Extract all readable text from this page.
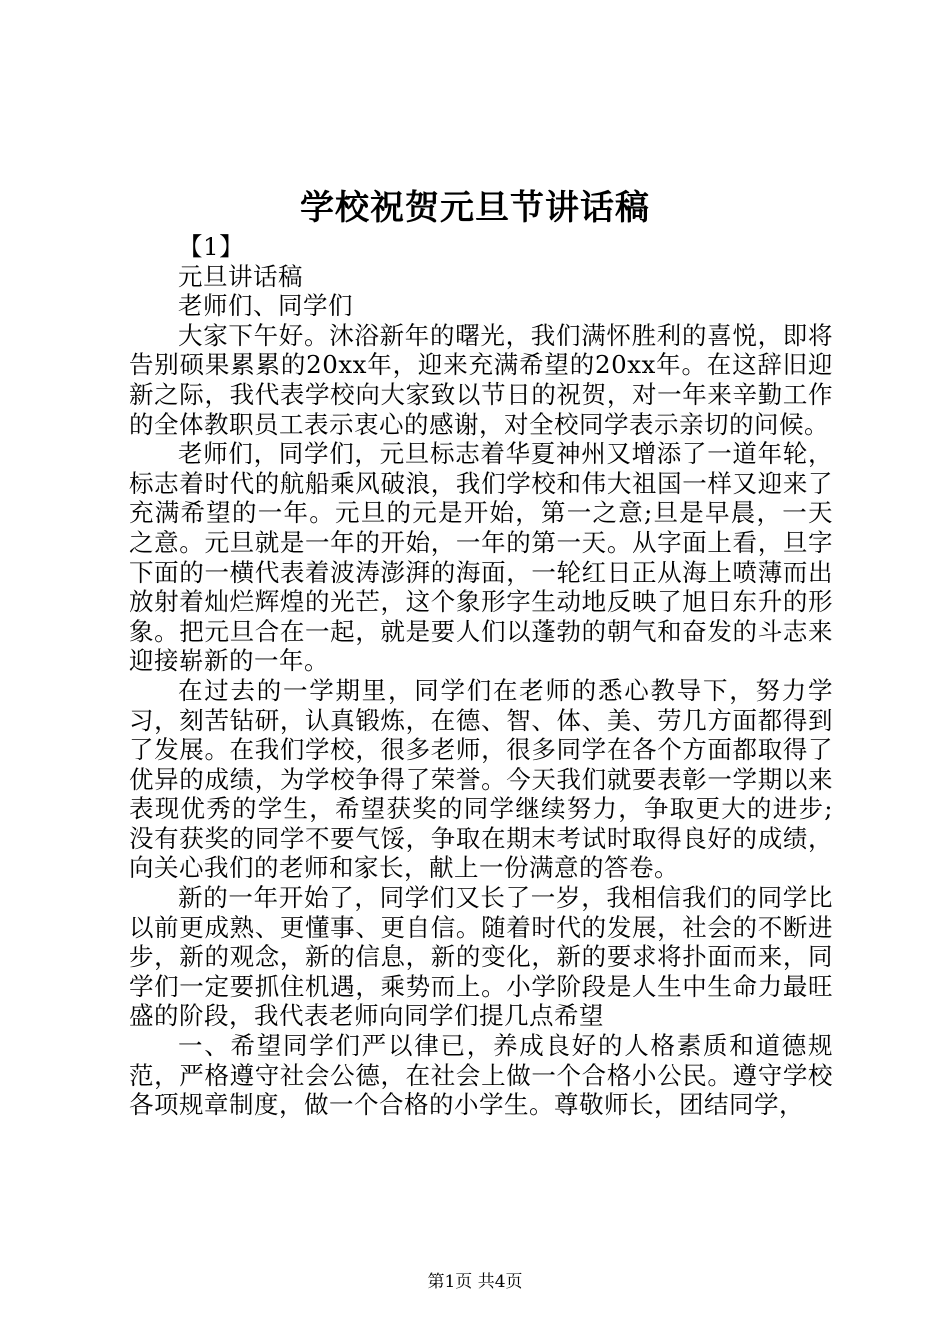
学校祝贺元旦节讲话稿

【1】

元旦讲话稿

老师们、同学们

大家下午好。沐浴新年的曙光，我们满怀胜利的喜悦，即将告别硕果累累的20xx年，迎来充满希望的20xx年。在这辞旧迎新之际，我代表学校向大家致以节日的祝贺，对一年来辛勤工作的全体教职员工表示衷心的感谢，对全校同学表示亲切的问候。

老师们，同学们，元旦标志着华夏神州又增添了一道年轮，标志着时代的航船乘风破浪，我们学校和伟大祖国一样又迎来了充满希望的一年。元旦的元是开始，第一之意;旦是早晨，一天之意。元旦就是一年的开始，一年的第一天。从字面上看，旦字下面的一横代表着波涛澎湃的海面，一轮红日正从海上喷薄而出放射着灿烂辉煌的光芒，这个象形字生动地反映了旭日东升的形象。把元旦合在一起，就是要人们以蓬勃的朝气和奋发的斗志来迎接崭新的一年。

在过去的一学期里，同学们在老师的悉心教导下，努力学习，刻苦钻研，认真锻炼，在德、智、体、美、劳几方面都得到了发展。在我们学校，很多老师，很多同学在各个方面都取得了优异的成绩，为学校争得了荣誉。今天我们就要表彰一学期以来表现优秀的学生，希望获奖的同学继续努力，争取更大的进步;没有获奖的同学不要气馁，争取在期末考试时取得良好的成绩，向关心我们的老师和家长，献上一份满意的答卷。

新的一年开始了，同学们又长了一岁，我相信我们的同学比以前更成熟、更懂事、更自信。随着时代的发展，社会的不断进步，新的观念，新的信息，新的变化，新的要求将扑面而来，同学们一定要抓住机遇，乘势而上。小学阶段是人生中生命力最旺盛的阶段，我代表老师向同学们提几点希望

一、希望同学们严以律已，养成良好的人格素质和道德规范，严格遵守社会公德，在社会上做一个合格小公民。遵守学校各项规章制度，做一个合格的小学生。尊敬师长，团结同学，

第1页 共4页
